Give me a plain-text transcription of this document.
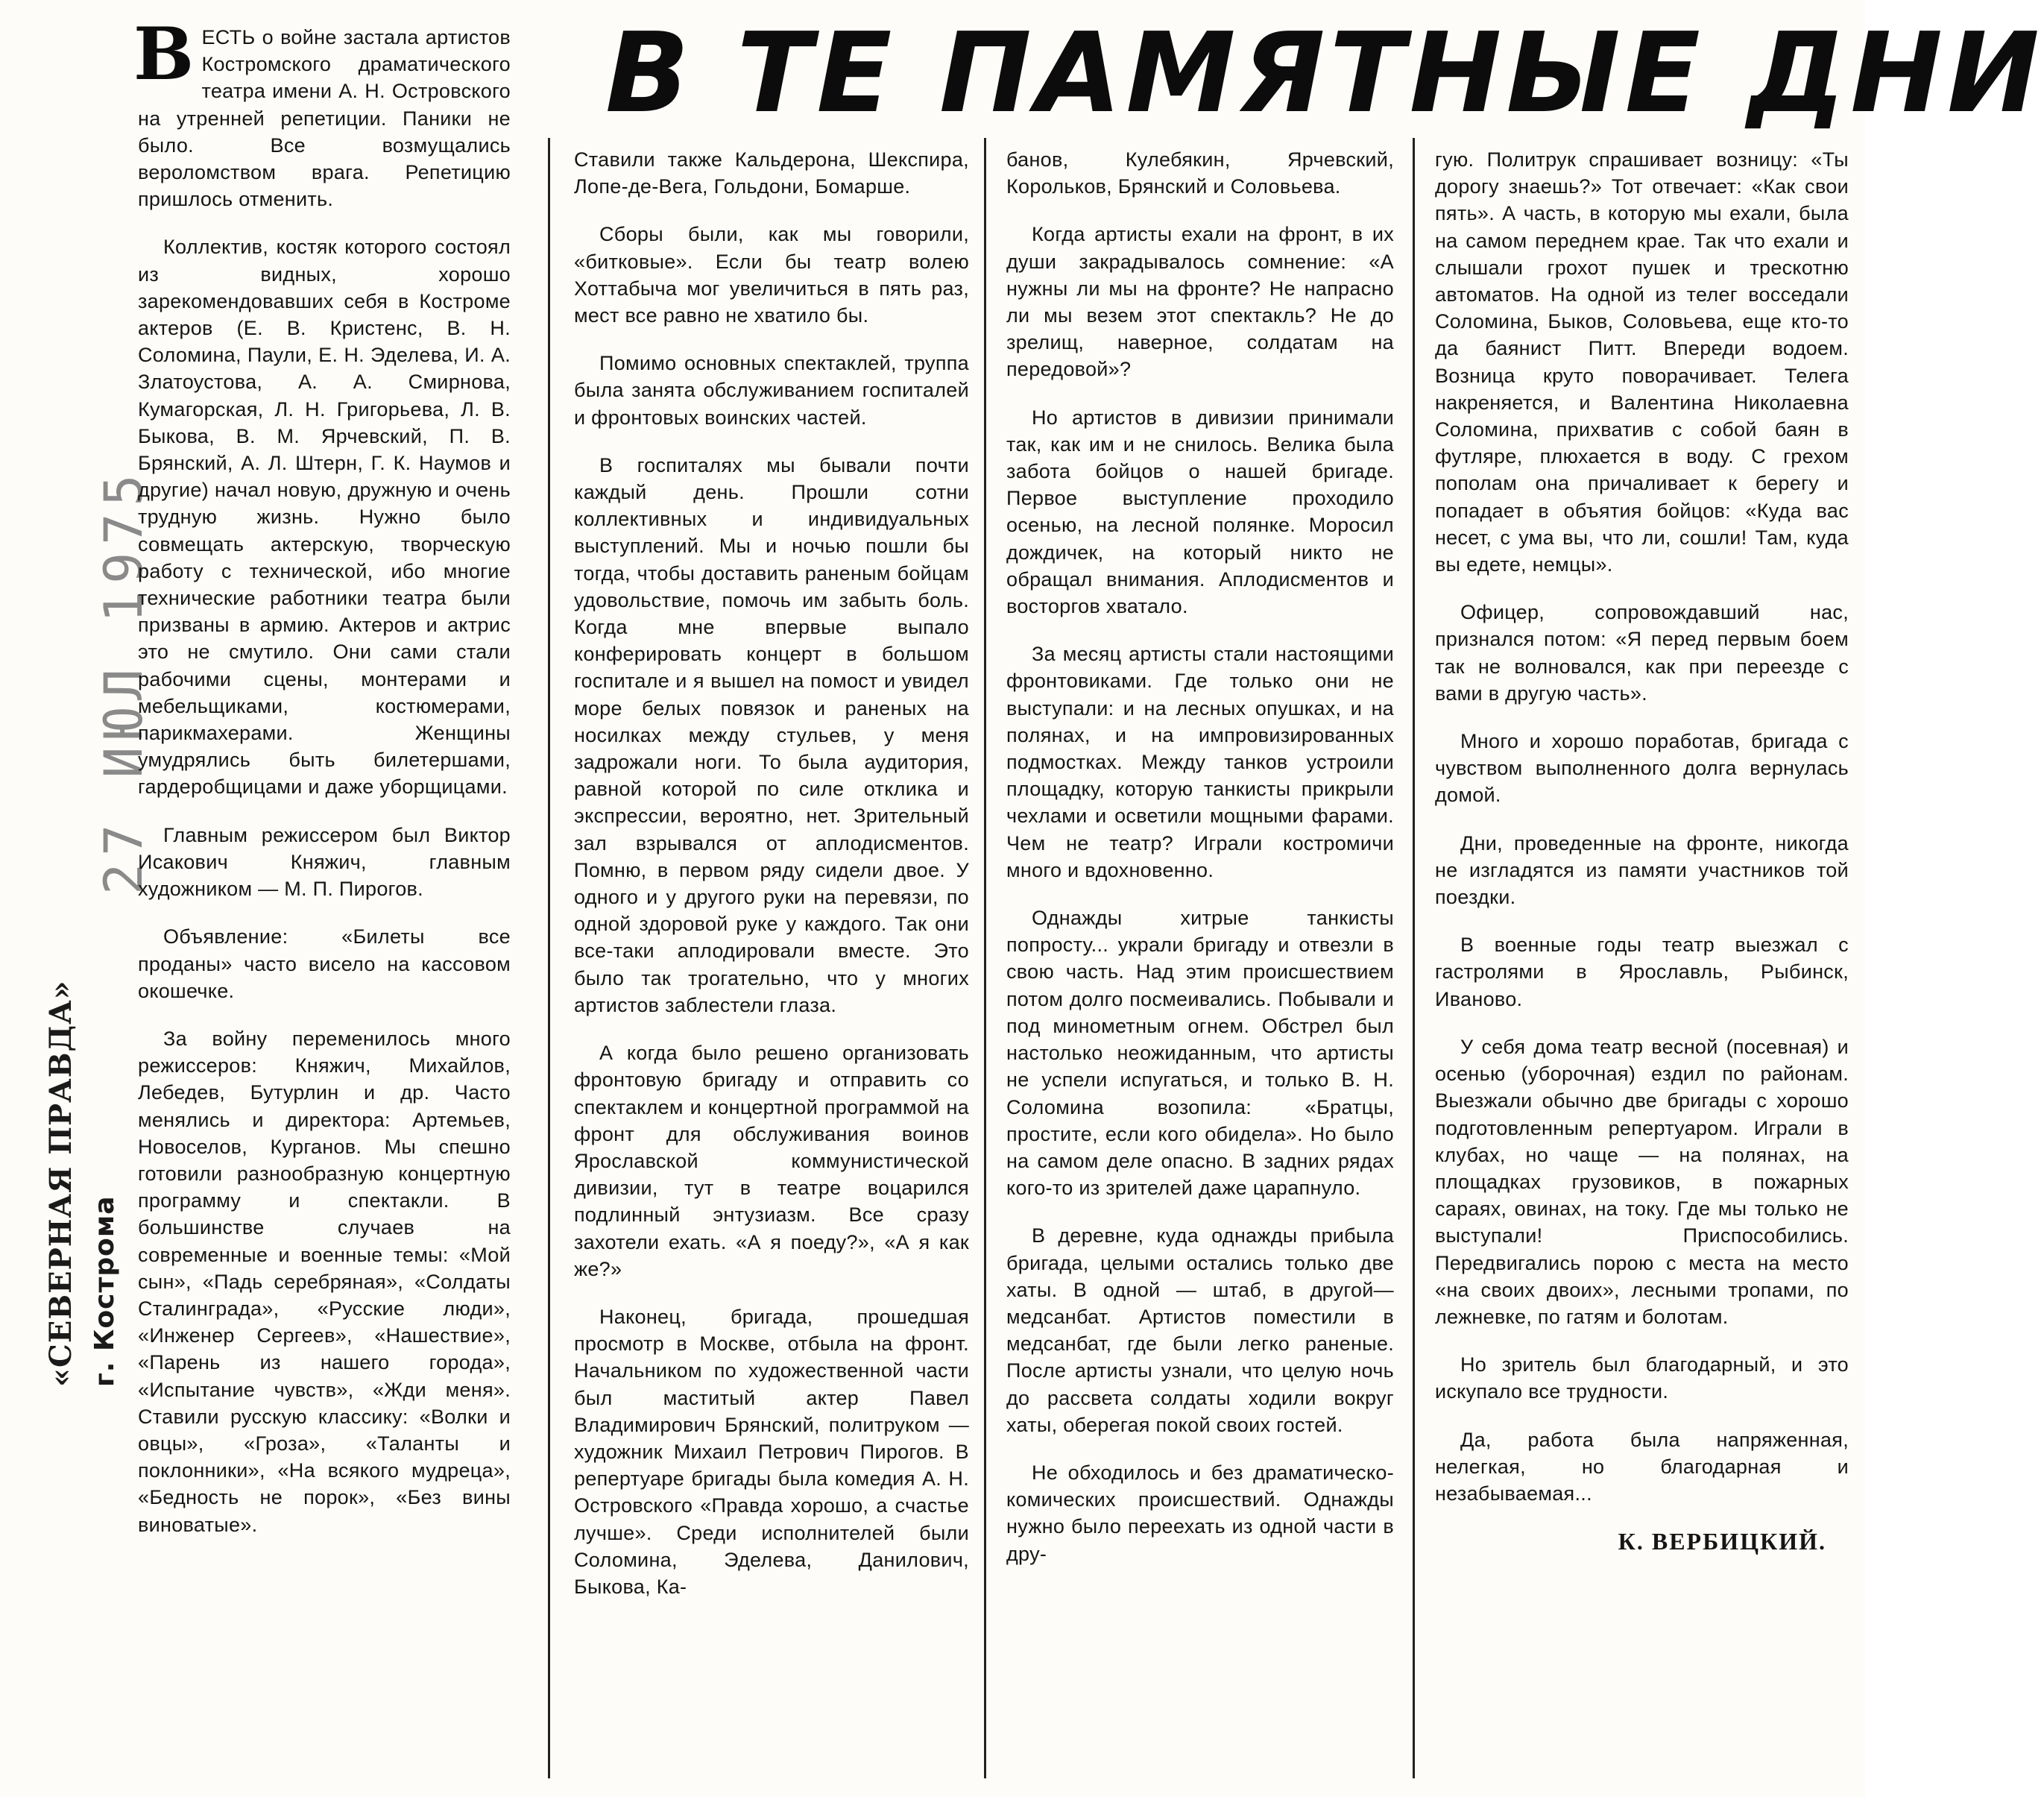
В ТЕ ПАМЯТНЫЕ ДНИ
«СЕВЕРНАЯ ПРАВДА» г. Кострома
27 ИЮЛ 1975

ВЕСТЬ о войне застала артистов Костромского драматического театра имени А. Н. Островского на утренней репетиции. Паники не было. Все возмущались вероломством врага. Репетицию пришлось отменить.

Коллектив, костяк которого состоял из видных, хорошо зарекомендовавших себя в Костроме актеров (Е. В. Кристенс, В. Н. Соломина, Паули, Е. Н. Эделева, И. А. Златоустова, А. А. Смирнова, Кумагорская, Л. Н. Григорьева, Л. В. Быкова, В. М. Ярчевский, П. В. Брянский, А. Л. Штерн, Г. К. Наумов и другие) начал новую, дружную и очень трудную жизнь. Нужно было совмещать актерскую, творческую работу с технической, ибо многие технические работники театра были призваны в армию. Актеров и актрис это не смутило. Они сами стали рабочими сцены, монтерами и мебельщиками, костюмерами, парикмахерами. Женщины умудрялись быть билетершами, гардеробщицами и даже уборщицами.

Главным режиссером был Виктор Исакович Княжич, главным художником — М. П. Пирогов.

Объявление: «Билеты все проданы» часто висело на кассовом окошечке.

За войну переменилось много режиссеров: Княжич, Михайлов, Лебедев, Бутурлин и др. Часто менялись и директора: Артемьев, Новоселов, Курганов. Мы спешно готовили разнообразную концертную программу и спектакли. В большинстве случаев на современные и военные темы: «Мой сын», «Падь серебряная», «Солдаты Сталинграда», «Русские люди», «Инженер Сергеев», «Нашествие», «Парень из нашего города», «Испытание чувств», «Жди меня». Ставили русскую классику: «Волки и овцы», «Гроза», «Таланты и поклонники», «На всякого мудреца», «Бедность не порок», «Без вины виноватые».

Ставили также Кальдерона, Шекспира, Лопе-де-Вега, Гольдони, Бомарше.

Сборы были, как мы говорили, «битковые». Если бы театр волею Хоттабыча мог увеличиться в пять раз, мест все равно не хватило бы.

Помимо основных спектаклей, труппа была занята обслуживанием госпиталей и фронтовых воинских частей.

В госпиталях мы бывали почти каждый день. Прошли сотни коллективных и индивидуальных выступлений. Мы и ночью пошли бы тогда, чтобы доставить раненым бойцам удовольствие, помочь им забыть боль. Когда мне впервые выпало конферировать концерт в большом госпитале и я вышел на помост и увидел море белых повязок и раненых на носилках между стульев, у меня задрожали ноги. То была аудитория, равной которой по силе отклика и экспрессии, вероятно, нет. Зрительный зал взрывался от аплодисментов. Помню, в первом ряду сидели двое. У одного и у другого руки на перевязи, по одной здоровой руке у каждого. Так они все-таки аплодировали вместе. Это было так трогательно, что у многих артистов заблестели глаза.

А когда было решено организовать фронтовую бригаду и отправить со спектаклем и концертной программой на фронт для обслуживания воинов Ярославской коммунистической дивизии, тут в театре воцарился подлинный энтузиазм. Все сразу захотели ехать. «А я поеду?», «А я как же?»

Наконец, бригада, прошедшая просмотр в Москве, отбыла на фронт. Начальником по художественной части был маститый актер Павел Владимирович Брянский, политруком — художник Михаил Петрович Пирогов. В репертуаре бригады была комедия А. Н. Островского «Правда хорошо, а счастье лучше». Среди исполнителей были Соломина, Эделева, Данилович, Быкова, Ка-

банов, Кулебякин, Ярчевский, Корольков, Брянский и Соловьева.

Когда артисты ехали на фронт, в их души закрадывалось сомнение: «А нужны ли мы на фронте? Не напрасно ли мы везем этот спектакль? Не до зрелищ, наверное, солдатам на передовой»?

Но артистов в дивизии принимали так, как им и не снилось. Велика была забота бойцов о нашей бригаде. Первое выступление проходило осенью, на лесной полянке. Моросил дождичек, на который никто не обращал внимания. Аплодисментов и восторгов хватало.

За месяц артисты стали настоящими фронтовиками. Где только они не выступали: и на лесных опушках, и на полянах, и на импровизированных подмостках. Между танков устроили площадку, которую танкисты прикрыли чехлами и осветили мощными фарами. Чем не театр? Играли костромичи много и вдохновенно.

Однажды хитрые танкисты попросту... украли бригаду и отвезли в свою часть. Над этим происшествием потом долго посмеивались. Побывали и под минометным огнем. Обстрел был настолько неожиданным, что артисты не успели испугаться, и только В. Н. Соломина возопила: «Братцы, простите, если кого обидела». Но было на самом деле опасно. В задних рядах кого-то из зрителей даже царапнуло.

В деревне, куда однажды прибыла бригада, целыми остались только две хаты. В одной — штаб, в другой—медсанбат. Артистов поместили в медсанбат, где были легко раненые. После артисты узнали, что целую ночь до рассвета солдаты ходили вокруг хаты, оберегая покой своих гостей.

Не обходилось и без драматическо-комических происшествий. Однажды нужно было переехать из одной части в дру-

гую. Политрук спрашивает возницу: «Ты дорогу знаешь?» Тот отвечает: «Как свои пять». А часть, в которую мы ехали, была на самом переднем крае. Так что ехали и слышали грохот пушек и трескотню автоматов. На одной из телег восседали Соломина, Быков, Соловьева, еще кто-то да баянист Питт. Впереди водоем. Возница круто поворачивает. Телега накреняется, и Валентина Николаевна Соломина, прихватив с собой баян в футляре, плюхается в воду. С грехом пополам она причаливает к берегу и попадает в объятия бойцов: «Куда вас несет, с ума вы, что ли, сошли! Там, куда вы едете, немцы».

Офицер, сопровождавший нас, признался потом: «Я перед первым боем так не волновался, как при переезде с вами в другую часть».

Много и хорошо поработав, бригада с чувством выполненного долга вернулась домой.

Дни, проведенные на фронте, никогда не изгладятся из памяти участников той поездки.

В военные годы театр выезжал с гастролями в Ярославль, Рыбинск, Иваново.

У себя дома театр весной (посевная) и осенью (уборочная) ездил по районам. Выезжали обычно две бригады с хорошо подготовленным репертуаром. Играли в клубах, но чаще — на полянах, на площадках грузовиков, в пожарных сараях, овинах, на току. Где мы только не выступали! Приспособились. Передвигались порою с места на место «на своих двоих», лесными тропами, по лежневке, по гатям и болотам.

Но зритель был благодарный, и это искупало все трудности.

Да, работа была напряженная, нелегкая, но благодарная и незабываемая...

К. ВЕРБИЦКИЙ.
